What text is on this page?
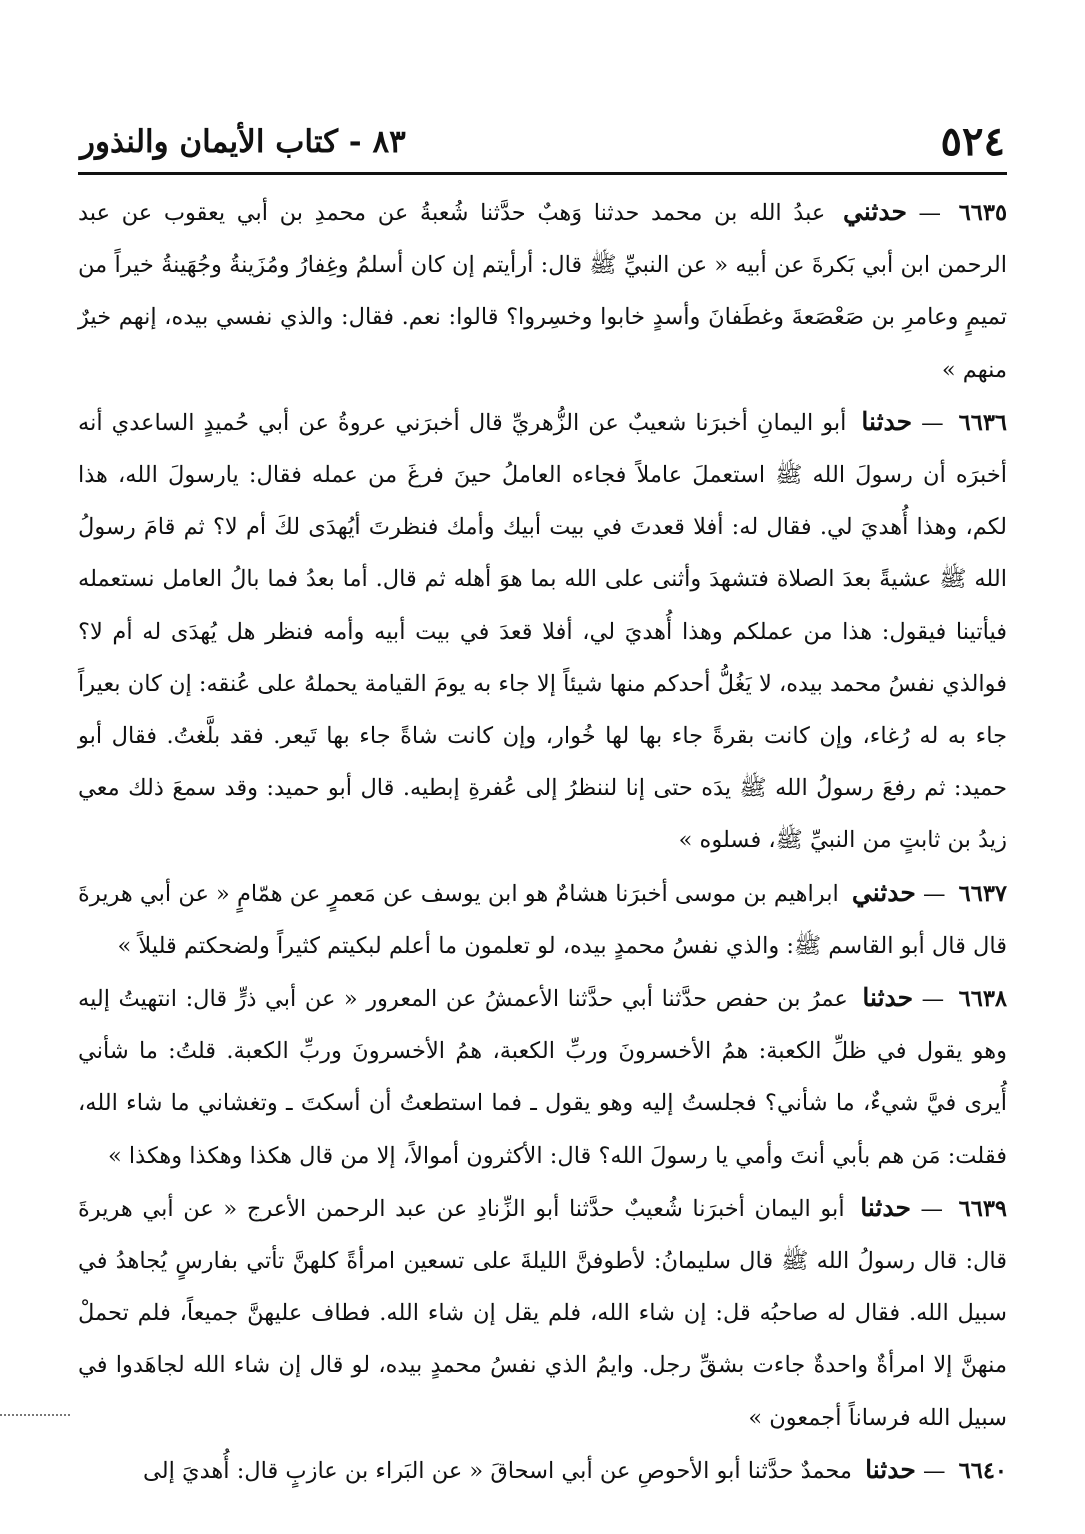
٥٢٤
٨٣ - كتاب الأيمان والنذور

٦٦٣٥ — حدثني عبدُ الله بن محمد حدثنا وَهبٌ حدَّثنا شُعبةُ عن محمدِ بن أبي يعقوب عن عبد الرحمن ابن أبي بَكرةَ عن أبيه « عن النبيِّ ﷺ قال: أرأيتم إن كان أسلمُ وغِفارُ ومُزَينةُ وجُهَينةُ خيراً من تميمٍ وعامرِ بن صَعْصَعةَ وغطَفانَ وأسدٍ خابوا وخسِروا؟ قالوا: نعم. فقال: والذي نفسي بيده، إنهم خيرٌ منهم »

٦٦٣٦ — حدثنا أبو اليمانِ أخبرَنا شعيبٌ عن الزُّهريِّ قال أخبرَني عروةُ عن أبي حُميدٍ الساعدي أنه أخبرَه أن رسولَ الله ﷺ استعملَ عاملاً فجاءه العاملُ حينَ فرغَ من عمله فقال: يارسولَ الله، هذا لكم، وهذا أُهديَ لي. فقال له: أفلا قعدتَ في بيت أبيك وأمك فنظرتَ أيُهدَى لكَ أم لا؟ ثم قامَ رسولُ الله ﷺ عشيةً بعدَ الصلاة فتشهدَ وأثنى على الله بما هوَ أهله ثم قال. أما بعدُ فما بالُ العامل نستعمله فيأتينا فيقول: هذا من عملكم وهذا أُهديَ لي، أفلا قعدَ في بيت أبيه وأمه فنظر هل يُهدَى له أم لا؟ فوالذي نفسُ محمد بيده، لا يَغُلُّ أحدكم منها شيئاً إلا جاء به يومَ القيامة يحملهُ على عُنقه: إن كان بعيراً جاء به له رُغاء، وإن كانت بقرةً جاء بها لها خُوار، وإن كانت شاةً جاء بها تَيعر. فقد بلَّغتُ. فقال أبو حميد: ثم رفعَ رسولُ الله ﷺ يدَه حتى إنا لننظرُ إلى عُفرةِ إبطيه. قال أبو حميد: وقد سمعَ ذلك معي زيدُ بن ثابتٍ من النبيِّ ﷺ، فسلوه »

٦٦٣٧ — حدثني ابراهيم بن موسى أخبرَنا هشامٌ هو ابن يوسف عن مَعمرٍ عن همّامٍ « عن أبي هريرةَ قال قال أبو القاسم ﷺ: والذي نفسُ محمدٍ بيده، لو تعلمون ما أعلم لبكيتم كثيراً ولضحكتم قليلاً »

٦٦٣٨ — حدثنا عمرُ بن حفص حدَّثنا أبي حدَّثنا الأعمشُ عن المعرور « عن أبي ذرٍّ قال: انتهيتُ إليه وهو يقول في ظلِّ الكعبة: همُ الأخسرونَ وربِّ الكعبة، همُ الأخسرونَ وربِّ الكعبة. قلتُ: ما شأني أُيرى فيَّ شيءٌ، ما شأني؟ فجلستُ إليه وهو يقول ـ فما استطعتُ أن أسكتَ ـ وتغشاني ما شاء الله، فقلت: مَن هم بأبي أنتَ وأمي يا رسولَ الله؟ قال: الأكثرون أموالاً، إلا من قال هكذا وهكذا وهكذا »

٦٦٣٩ — حدثنا أبو اليمان أخبرَنا شُعيبٌ حدَّثنا أبو الزِّنادِ عن عبد الرحمن الأعرج « عن أبي هريرةَ قال: قال رسولُ الله ﷺ قال سليمانُ: لأطوفنَّ الليلةَ على تسعين امرأةً كلهنَّ تأتي بفارسٍ يُجاهدُ في سبيل الله. فقال له صاحبُه قل: إن شاء الله، فلم يقل إن شاء الله. فطاف عليهنَّ جميعاً، فلم تحملْ منهنَّ إلا امرأةٌ واحدةٌ جاءت بشقِّ رجل. وايمُ الذي نفسُ محمدٍ بيده، لو قال إن شاء الله لجاهَدوا في سبيل الله فرساناً أجمعون »

٦٦٤٠ — حدثنا محمدٌ حدَّثنا أبو الأحوصِ عن أبي اسحاقَ « عن البَراء بن عازبٍ قال: أُهديَ إلى
